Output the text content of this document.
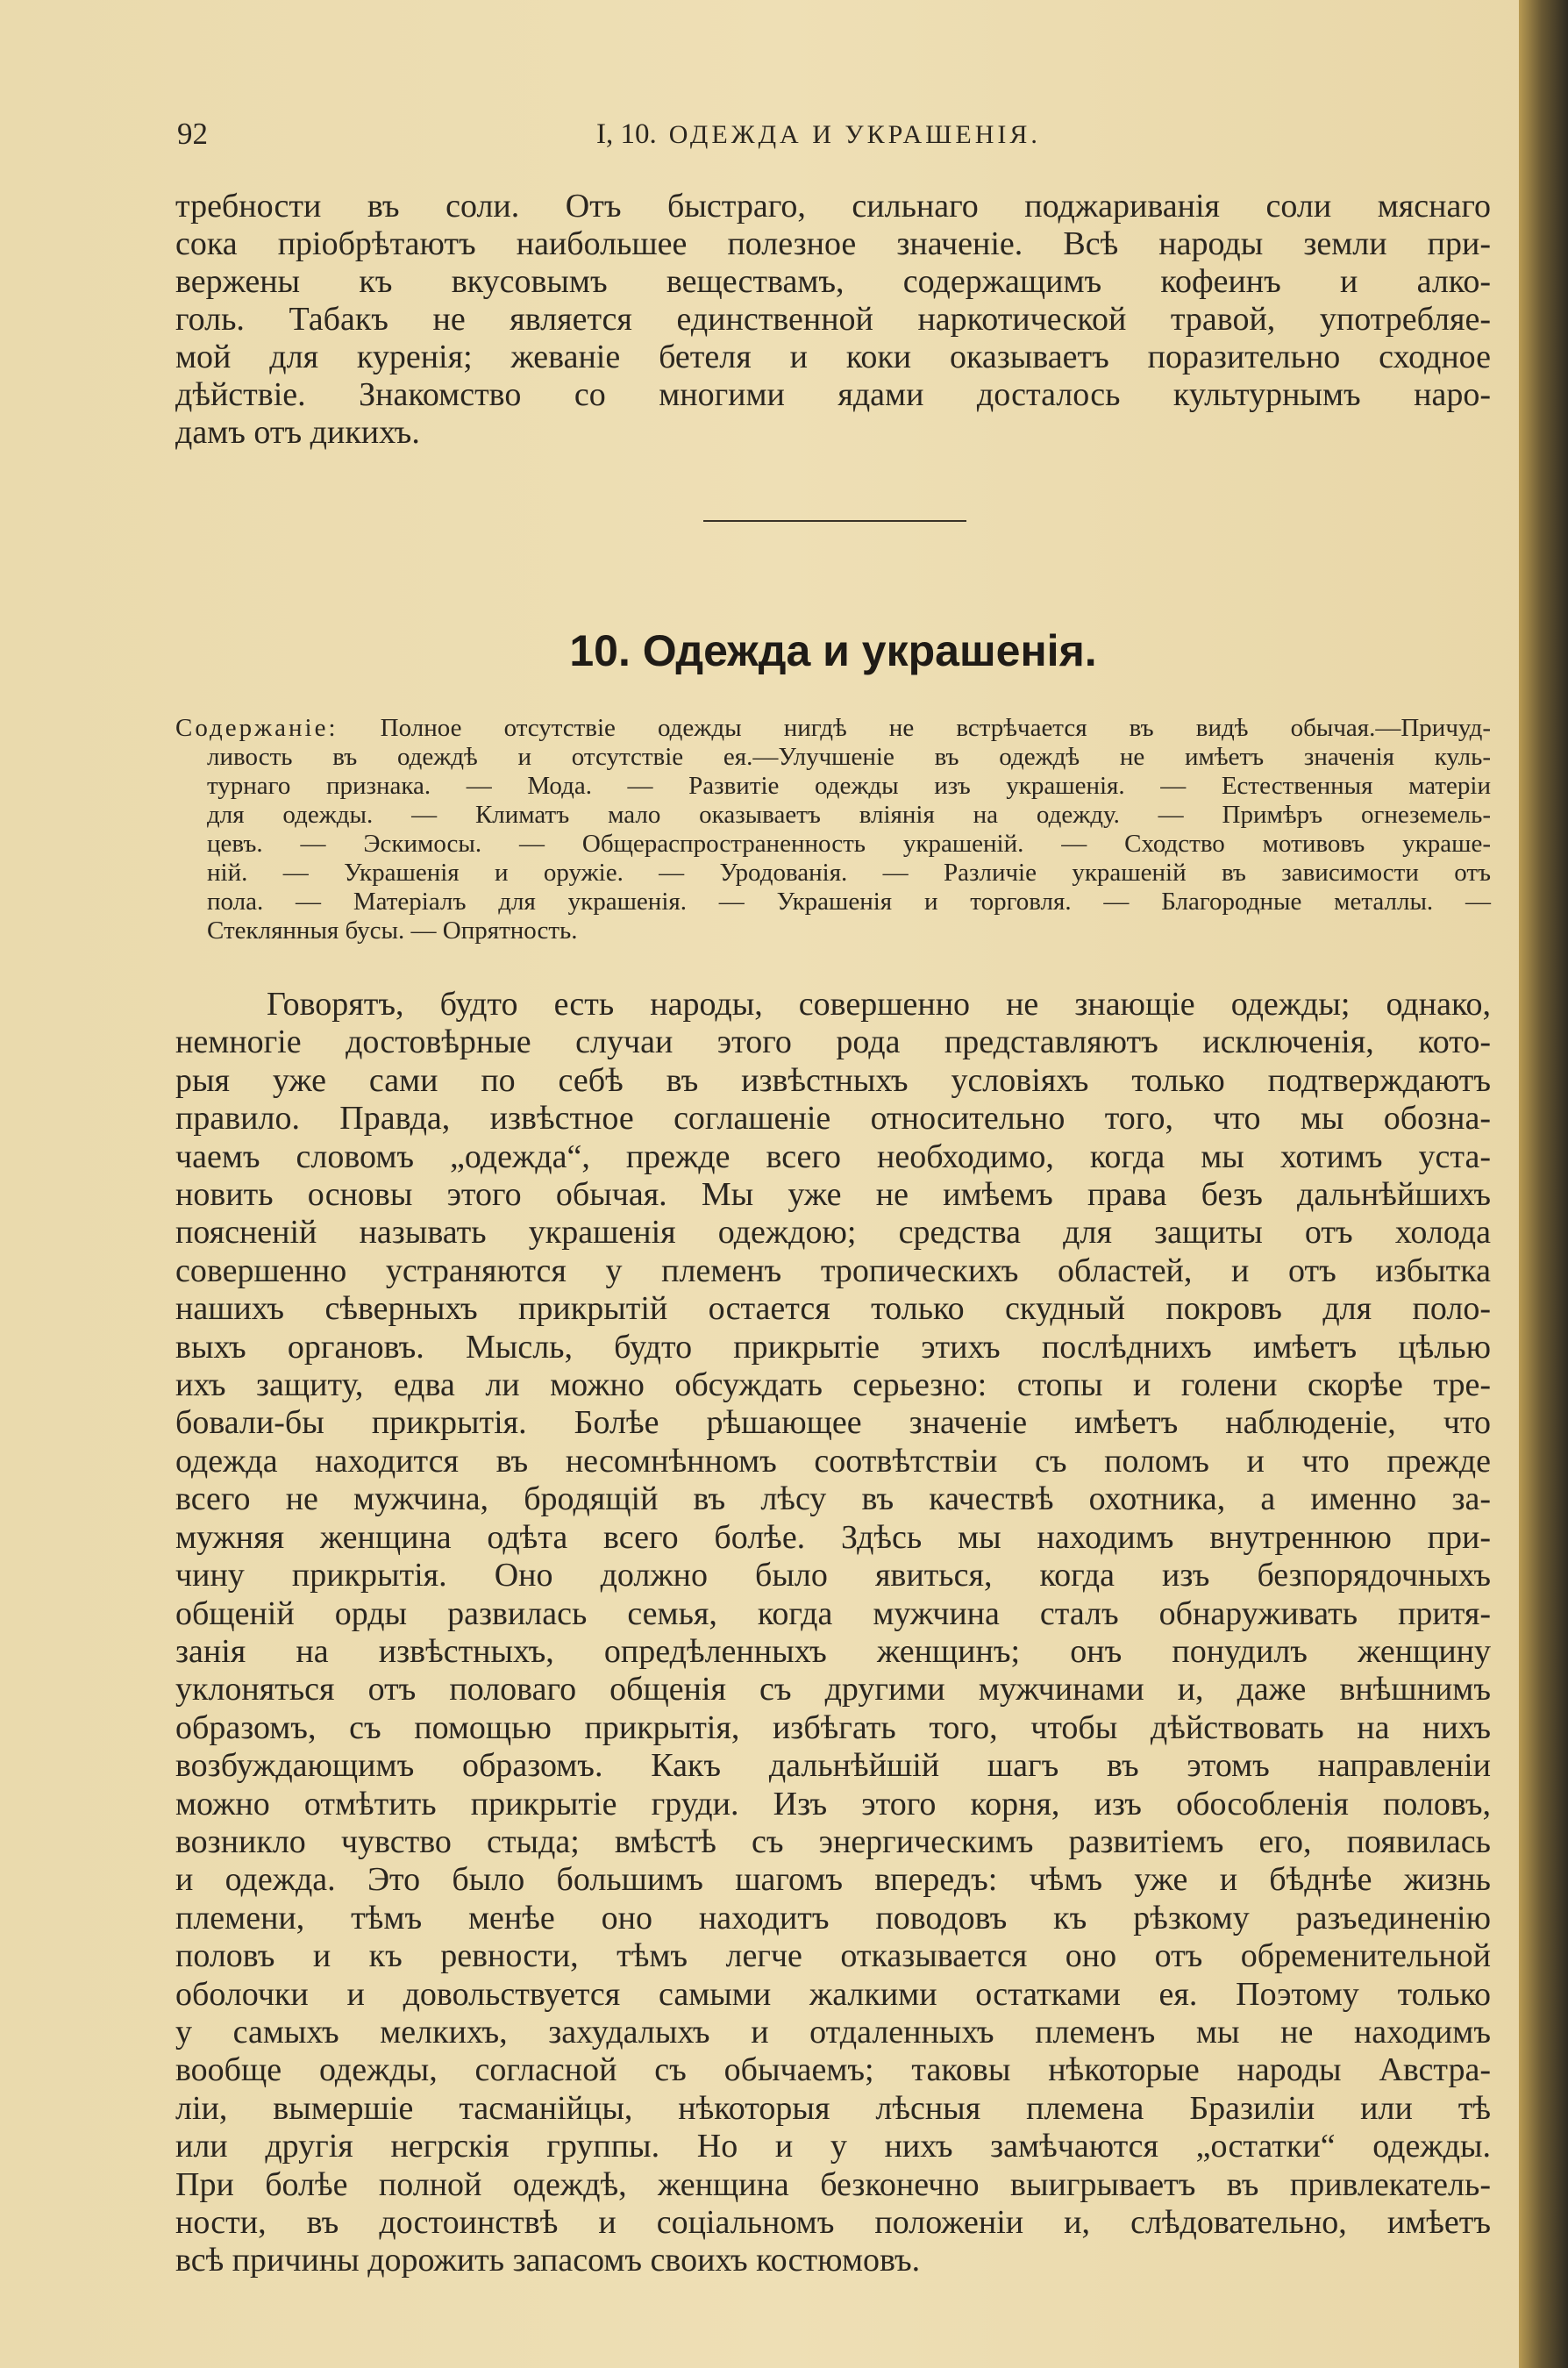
92	I, 10. ОДЕЖДА И УКРАШЕНІЯ.
требности въ соли. Отъ быстраго, сильнаго поджариванія соли мяснаго
сока пріобрѣтаютъ наибольшее полезное значеніе. Всѣ народы земли при-
вержены къ вкусовымъ веществамъ, содержащимъ кофеинъ и алко-
голь. Табакъ не является единственной наркотической травой, употребляе-
мой для куренія; жеваніе бетеля и коки оказываетъ поразительно сходное
дѣйствіе. Знакомство со многими ядами досталось культурнымъ наро-
дамъ отъ дикихъ.
10. Одежда и украшенія.
Содержаніе: Полное отсутствіе одежды нигдѣ не встрѣчается въ видѣ обычая.—Причуд-
ливость въ одеждѣ и отсутствіе ея.—Улучшеніе въ одеждѣ не имѣетъ значенія куль-
турнаго признака. — Мода. — Развитіе одежды изъ украшенія. — Естественныя матеріи
для одежды. — Климатъ мало оказываетъ вліянія на одежду. — Примѣръ огнеземель-
цевъ. — Эскимосы. — Общераспространенность украшеній. — Сходство мотивовъ украше-
ній. — Украшенія и оружіе. — Уродованія. — Различіе украшеній въ зависимости отъ
пола. — Матеріалъ для украшенія. — Украшенія и торговля. — Благородные металлы. —
Стеклянныя бусы. — Опрятность.
Говорятъ, будто есть народы, совершенно не знающіе одежды; однако,
немногіе достовѣрные случаи этого рода представляютъ исключенія, кото-
рыя уже сами по себѣ въ извѣстныхъ условіяхъ только подтверждаютъ
правило. Правда, извѣстное соглашеніе относительно того, что мы обозна-
чаемъ словомъ „одежда“, прежде всего необходимо, когда мы хотимъ уста-
новить основы этого обычая. Мы уже не имѣемъ права безъ дальнѣйшихъ
поясненій называть украшенія одеждою; средства для защиты отъ холода
совершенно устраняются у племенъ тропическихъ областей, и отъ избытка
нашихъ сѣверныхъ прикрытій остается только скудный покровъ для поло-
выхъ органовъ. Мысль, будто прикрытіе этихъ послѣднихъ имѣетъ цѣлью
ихъ защиту, едва ли можно обсуждать серьезно: стопы и голени скорѣе тре-
бовали-бы прикрытія. Болѣе рѣшающее значеніе имѣетъ наблюденіе, что
одежда находится въ несомнѣнномъ соотвѣтствіи съ поломъ и что прежде
всего не мужчина, бродящій въ лѣсу въ качествѣ охотника, а именно за-
мужняя женщина одѣта всего болѣе. Здѣсь мы находимъ внутреннюю при-
чину прикрытія. Оно должно было явиться, когда изъ безпорядочныхъ
общеній орды развилась семья, когда мужчина сталъ обнаруживать притя-
занія на извѣстныхъ, опредѣленныхъ женщинъ; онъ понудилъ женщину
уклоняться отъ половаго общенія съ другими мужчинами и, даже внѣшнимъ
образомъ, съ помощью прикрытія, избѣгать того, чтобы дѣйствовать на нихъ
возбуждающимъ образомъ. Какъ дальнѣйшій шагъ въ этомъ направленіи
можно отмѣтить прикрытіе груди. Изъ этого корня, изъ обособленія половъ,
возникло чувство стыда; вмѣстѣ съ энергическимъ развитіемъ его, появилась
и одежда. Это было большимъ шагомъ впередъ: чѣмъ уже и бѣднѣе жизнь
племени, тѣмъ менѣе оно находитъ поводовъ къ рѣзкому разъединенію
половъ и къ ревности, тѣмъ легче отказывается оно отъ обременительной
оболочки и довольствуется самыми жалкими остатками ея. Поэтому только
у самыхъ мелкихъ, захудалыхъ и отдаленныхъ племенъ мы не находимъ
вообще одежды, согласной съ обычаемъ; таковы нѣкоторые народы Австра-
ліи, вымершіе тасманійцы, нѣкоторыя лѣсныя племена Бразиліи или тѣ
или другія негрскія группы. Но и у нихъ замѣчаются „остатки“ одежды.
При болѣе полной одеждѣ, женщина безконечно выигрываетъ въ привлекатель-
ности, въ достоинствѣ и соціальномъ положеніи и, слѣдовательно, имѣетъ
всѣ причины дорожить запасомъ своихъ костюмовъ.
